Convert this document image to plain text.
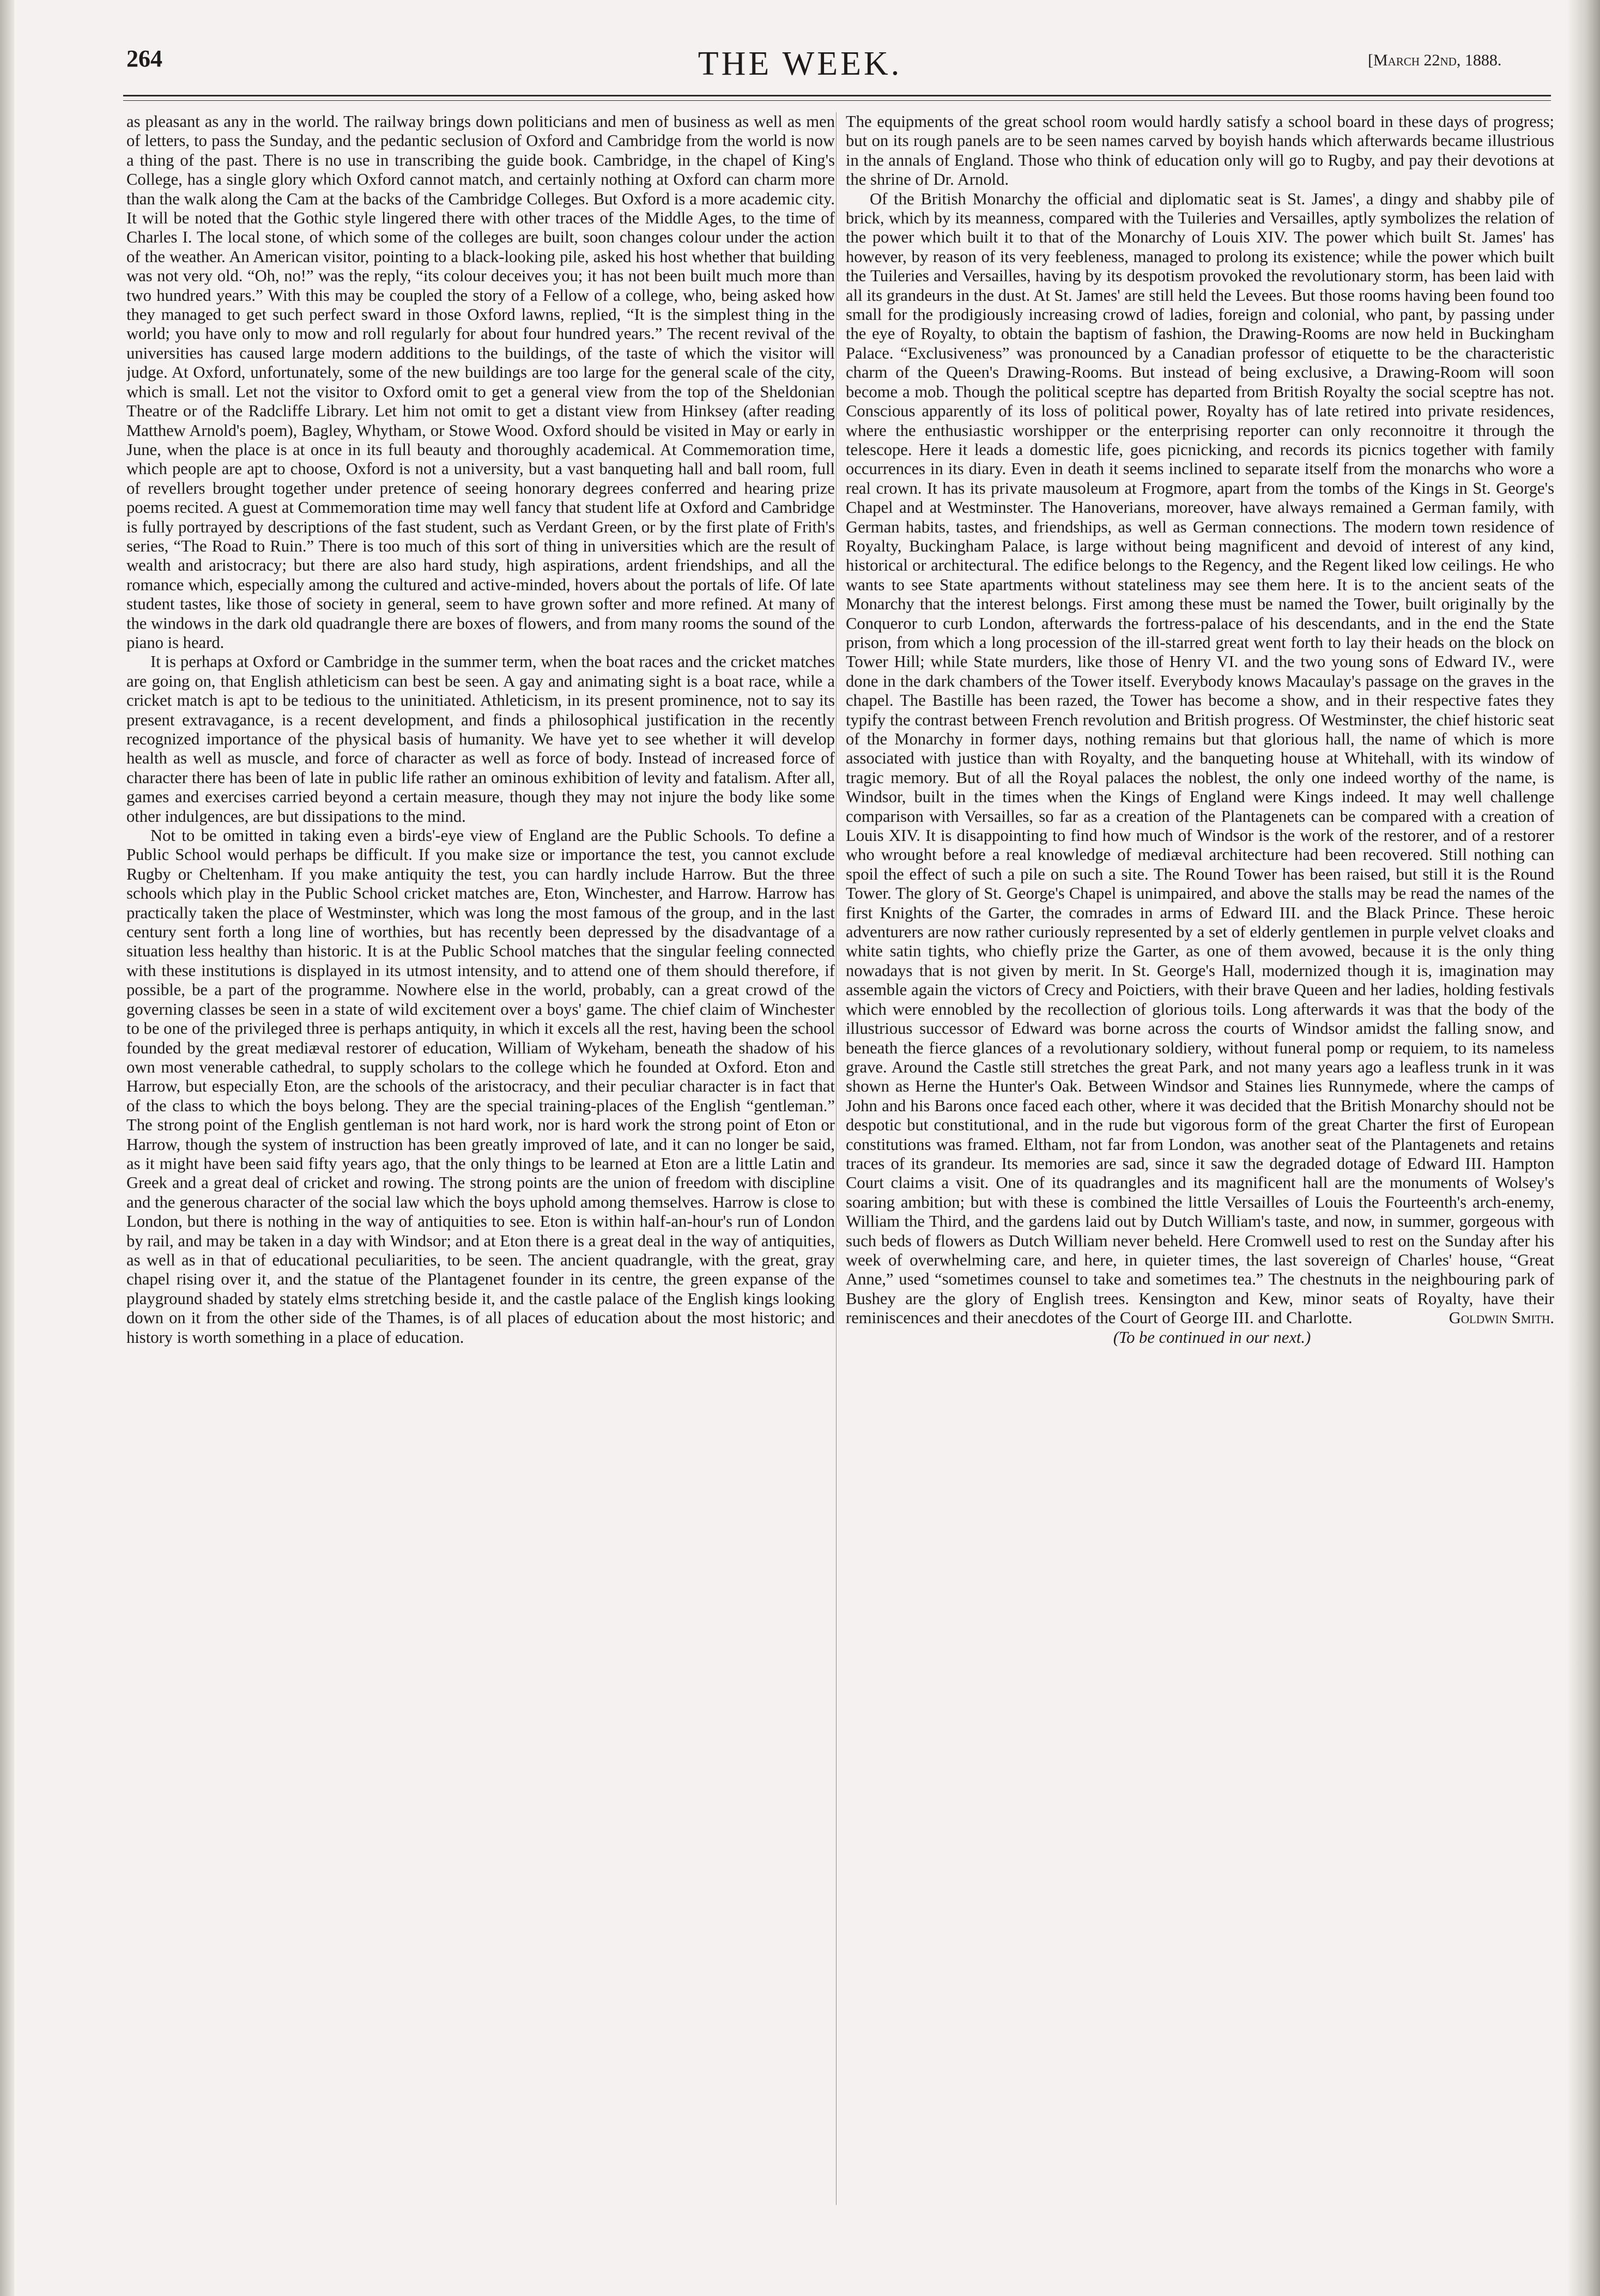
264	THE WEEK.	[March 22nd, 1888.

as pleasant as any in the world. The railway brings down politicians and men of business as well as men of letters, to pass the Sunday, and the pedantic seclusion of Oxford and Cambridge from the world is now a thing of the past. There is no use in transcribing the guide book. Cambridge, in the chapel of King's College, has a single glory which Oxford cannot match, and certainly nothing at Oxford can charm more than the walk along the Cam at the backs of the Cambridge Colleges. But Oxford is a more academic city. It will be noted that the Gothic style lingered there with other traces of the Middle Ages, to the time of Charles I. The local stone, of which some of the colleges are built, soon changes colour under the action of the weather. An American visitor, pointing to a black-looking pile, asked his host whether that building was not very old. “Oh, no!” was the reply, “its colour deceives you; it has not been built much more than two hundred years.” With this may be coupled the story of a Fellow of a college, who, being asked how they managed to get such perfect sward in those Oxford lawns, replied, “It is the simplest thing in the world; you have only to mow and roll regularly for about four hundred years.” The recent revival of the universities has caused large modern additions to the buildings, of the taste of which the visitor will judge. At Oxford, unfortunately, some of the new buildings are too large for the general scale of the city, which is small. Let not the visitor to Oxford omit to get a general view from the top of the Sheldonian Theatre or of the Radcliffe Library. Let him not omit to get a distant view from Hinksey (after reading Matthew Arnold's poem), Bagley, Whytham, or Stowe Wood. Oxford should be visited in May or early in June, when the place is at once in its full beauty and thoroughly academical. At Commemoration time, which people are apt to choose, Oxford is not a university, but a vast banqueting hall and ball room, full of revellers brought together under pretence of seeing honorary degrees conferred and hearing prize poems recited. A guest at Commemoration time may well fancy that student life at Oxford and Cambridge is fully portrayed by descriptions of the fast student, such as Verdant Green, or by the first plate of Frith's series, “The Road to Ruin.” There is too much of this sort of thing in universities which are the result of wealth and aristocracy; but there are also hard study, high aspirations, ardent friendships, and all the romance which, especially among the cultured and active-minded, hovers about the portals of life. Of late student tastes, like those of society in general, seem to have grown softer and more refined. At many of the windows in the dark old quadrangle there are boxes of flowers, and from many rooms the sound of the piano is heard.

It is perhaps at Oxford or Cambridge in the summer term, when the boat races and the cricket matches are going on, that English athleticism can best be seen. A gay and animating sight is a boat race, while a cricket match is apt to be tedious to the uninitiated. Athleticism, in its present prominence, not to say its present extravagance, is a recent development, and finds a philosophical justification in the recently recognized importance of the physical basis of humanity. We have yet to see whether it will develop health as well as muscle, and force of character as well as force of body. Instead of increased force of character there has been of late in public life rather an ominous exhibition of levity and fatalism. After all, games and exercises carried beyond a certain measure, though they may not injure the body like some other indulgences, are but dissipations to the mind.

Not to be omitted in taking even a birds'-eye view of England are the Public Schools. To define a Public School would perhaps be difficult. If you make size or importance the test, you cannot exclude Rugby or Cheltenham. If you make antiquity the test, you can hardly include Harrow. But the three schools which play in the Public School cricket matches are, Eton, Winchester, and Harrow. Harrow has practically taken the place of Westminster, which was long the most famous of the group, and in the last century sent forth a long line of worthies, but has recently been depressed by the disadvantage of a situation less healthy than historic. It is at the Public School matches that the singular feeling connected with these institutions is displayed in its utmost intensity, and to attend one of them should therefore, if possible, be a part of the programme. Nowhere else in the world, probably, can a great crowd of the governing classes be seen in a state of wild excitement over a boys' game. The chief claim of Winchester to be one of the privileged three is perhaps antiquity, in which it excels all the rest, having been the school founded by the great mediæval restorer of education, William of Wykeham, beneath the shadow of his own most venerable cathedral, to supply scholars to the college which he founded at Oxford. Eton and Harrow, but especially Eton, are the schools of the aristocracy, and their peculiar character is in fact that of the class to which the boys belong. They are the special training-places of the English “gentleman.” The strong point of the English gentleman is not hard work, nor is hard work the strong point of Eton or Harrow, though the system of instruction has been greatly improved of late, and it can no longer be said, as it might have been said fifty years ago, that the only things to be learned at Eton are a little Latin and Greek and a great deal of cricket and rowing. The strong points are the union of freedom with discipline and the generous character of the social law which the boys uphold among themselves. Harrow is close to London, but there is nothing in the way of antiquities to see. Eton is within half-an-hour's run of London by rail, and may be taken in a day with Windsor; and at Eton there is a great deal in the way of antiquities, as well as in that of educational peculiarities, to be seen. The ancient quadrangle, with the great, gray chapel rising over it, and the statue of the Plantagenet founder in its centre, the green expanse of the playground shaded by stately elms stretching beside it, and the castle palace of the English kings looking down on it from the other side of the Thames, is of all places of education about the most historic; and history is worth something in a place of education.

The equipments of the great school room would hardly satisfy a school board in these days of progress; but on its rough panels are to be seen names carved by boyish hands which afterwards became illustrious in the annals of England. Those who think of education only will go to Rugby, and pay their devotions at the shrine of Dr. Arnold.

Of the British Monarchy the official and diplomatic seat is St. James', a dingy and shabby pile of brick, which by its meanness, compared with the Tuileries and Versailles, aptly symbolizes the relation of the power which built it to that of the Monarchy of Louis XIV. The power which built St. James' has however, by reason of its very feebleness, managed to prolong its existence; while the power which built the Tuileries and Versailles, having by its despotism provoked the revolutionary storm, has been laid with all its grandeurs in the dust. At St. James' are still held the Levees. But those rooms having been found too small for the prodigiously increasing crowd of ladies, foreign and colonial, who pant, by passing under the eye of Royalty, to obtain the baptism of fashion, the Drawing-Rooms are now held in Buckingham Palace. “Exclusiveness” was pronounced by a Canadian professor of etiquette to be the characteristic charm of the Queen's Drawing-Rooms. But instead of being exclusive, a Drawing-Room will soon become a mob. Though the political sceptre has departed from British Royalty the social sceptre has not. Conscious apparently of its loss of political power, Royalty has of late retired into private residences, where the enthusiastic worshipper or the enterprising reporter can only reconnoitre it through the telescope. Here it leads a domestic life, goes picnicking, and records its picnics together with family occurrences in its diary. Even in death it seems inclined to separate itself from the monarchs who wore a real crown. It has its private mausoleum at Frogmore, apart from the tombs of the Kings in St. George's Chapel and at Westminster. The Hanoverians, moreover, have always remained a German family, with German habits, tastes, and friendships, as well as German connections. The modern town residence of Royalty, Buckingham Palace, is large without being magnificent and devoid of interest of any kind, historical or architectural. The edifice belongs to the Regency, and the Regent liked low ceilings. He who wants to see State apartments without stateliness may see them here. It is to the ancient seats of the Monarchy that the interest belongs. First among these must be named the Tower, built originally by the Conqueror to curb London, afterwards the fortress-palace of his descendants, and in the end the State prison, from which a long procession of the ill-starred great went forth to lay their heads on the block on Tower Hill; while State murders, like those of Henry VI. and the two young sons of Edward IV., were done in the dark chambers of the Tower itself. Everybody knows Macaulay's passage on the graves in the chapel. The Bastille has been razed, the Tower has become a show, and in their respective fates they typify the contrast between French revolution and British progress. Of Westminster, the chief historic seat of the Monarchy in former days, nothing remains but that glorious hall, the name of which is more associated with justice than with Royalty, and the banqueting house at Whitehall, with its window of tragic memory. But of all the Royal palaces the noblest, the only one indeed worthy of the name, is Windsor, built in the times when the Kings of England were Kings indeed. It may well challenge comparison with Versailles, so far as a creation of the Plantagenets can be compared with a creation of Louis XIV. It is disappointing to find how much of Windsor is the work of the restorer, and of a restorer who wrought before a real knowledge of mediæval architecture had been recovered. Still nothing can spoil the effect of such a pile on such a site. The Round Tower has been raised, but still it is the Round Tower. The glory of St. George's Chapel is unimpaired, and above the stalls may be read the names of the first Knights of the Garter, the comrades in arms of Edward III. and the Black Prince. These heroic adventurers are now rather curiously represented by a set of elderly gentlemen in purple velvet cloaks and white satin tights, who chiefly prize the Garter, as one of them avowed, because it is the only thing nowadays that is not given by merit. In St. George's Hall, modernized though it is, imagination may assemble again the victors of Crecy and Poictiers, with their brave Queen and her ladies, holding festivals which were ennobled by the recollection of glorious toils. Long afterwards it was that the body of the illustrious successor of Edward was borne across the courts of Windsor amidst the falling snow, and beneath the fierce glances of a revolutionary soldiery, without funeral pomp or requiem, to its nameless grave. Around the Castle still stretches the great Park, and not many years ago a leafless trunk in it was shown as Herne the Hunter's Oak. Between Windsor and Staines lies Runnymede, where the camps of John and his Barons once faced each other, where it was decided that the British Monarchy should not be despotic but constitutional, and in the rude but vigorous form of the great Charter the first of European constitutions was framed. Eltham, not far from London, was another seat of the Plantagenets and retains traces of its grandeur. Its memories are sad, since it saw the degraded dotage of Edward III. Hampton Court claims a visit. One of its quadrangles and its magnificent hall are the monuments of Wolsey's soaring ambition; but with these is combined the little Versailles of Louis the Fourteenth's arch-enemy, William the Third, and the gardens laid out by Dutch William's taste, and now, in summer, gorgeous with such beds of flowers as Dutch William never beheld. Here Cromwell used to rest on the Sunday after his week of overwhelming care, and here, in quieter times, the last sovereign of Charles' house, “Great Anne,” used “sometimes counsel to take and sometimes tea.” The chestnuts in the neighbouring park of Bushey are the glory of English trees. Kensington and Kew, minor seats of Royalty, have their reminiscences and their anecdotes of the Court of George III. and Charlotte.	Goldwin Smith.

(To be continued in our next.)
